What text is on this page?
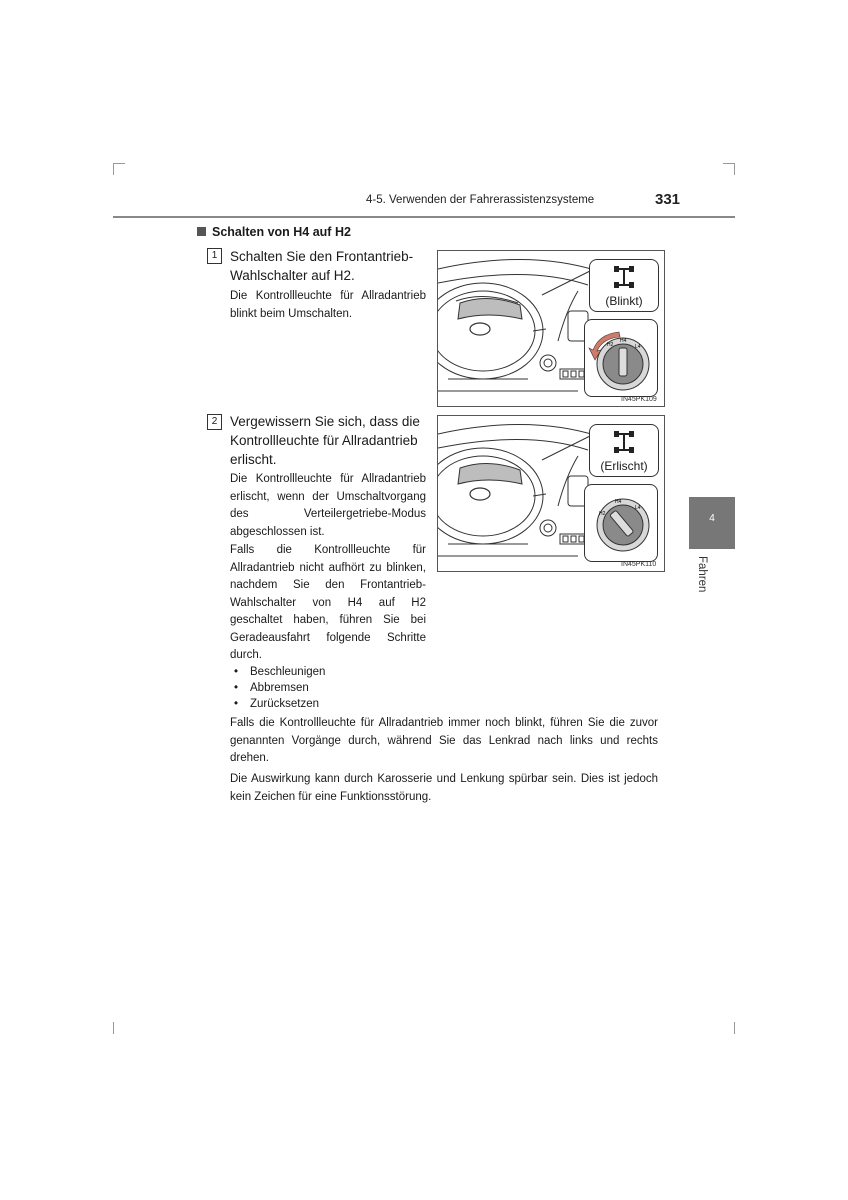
4-5. Verwenden der Fahrerassistenzsysteme	331
Schalten von H4 auf H2
1 Schalten Sie den Frontantrieb-Wahlschalter auf H2.
Die Kontrollleuchte für Allradantrieb blinkt beim Umschalten.
(Blinkt)
H2
H4
L4
IN45PK109
2 Vergewissern Sie sich, dass die Kontrollleuchte für Allradantrieb erlischt.
Die Kontrollleuchte für Allradantrieb erlischt, wenn der Umschaltvorgang des Verteilergetriebe-Modus abgeschlossen ist.
Falls die Kontrollleuchte für Allradantrieb nicht aufhört zu blinken, nachdem Sie den Frontantrieb-Wahlschalter von H4 auf H2 geschaltet haben, führen Sie bei Geradeausfahrt folgende Schritte durch.
(Erlischt)
H2
H4
L4
IN45PK110
• Beschleunigen
• Abbremsen
• Zurücksetzen
Falls die Kontrollleuchte für Allradantrieb immer noch blinkt, führen Sie die zuvor genannten Vorgänge durch, während Sie das Lenkrad nach links und rechts drehen.
Die Auswirkung kann durch Karosserie und Lenkung spürbar sein. Dies ist jedoch kein Zeichen für eine Funktionsstörung.
4
Fahren
